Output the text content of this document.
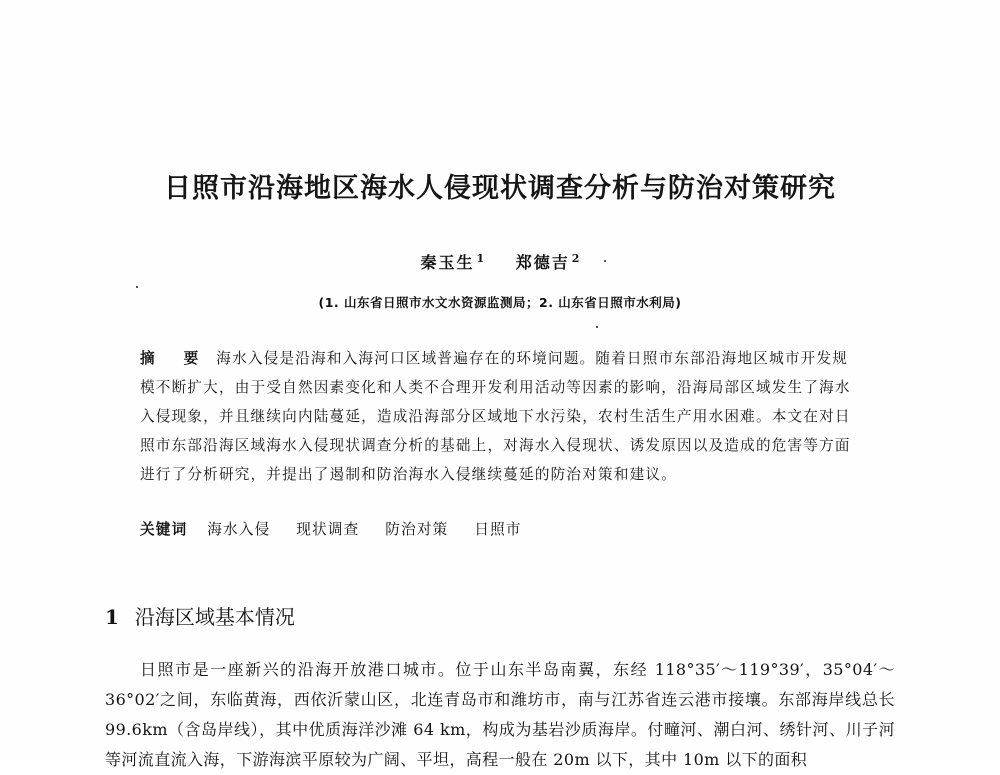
日照市沿海地区海水人侵现状调查分析与防治对策研究
秦玉生 $^1$ 郑德吉 $^2$
(1. 山东省日照市水文水资源监测局；2. 山东省日照市水利局)
摘 要 海水入侵是沿海和入海河口区域普遍存在的环境问题。随着日照市东部沿海地区城市开发规模不断扩大，由于受自然因素变化和人类不合理开发利用活动等因素的影响，沿海局部区域发生了海水入侵现象，并且继续向内陆蔓延，造成沿海部分区域地下水污染，农村生活生产用水困难。本文在对日照市东部沿海区域海水入侵现状调查分析的基础上，对海水入侵现状、诱发原因以及造成的危害等方面进行了分析研究，并提出了遏制和防治海水入侵继续蔓延的防治对策和建议。
关键词 海水入侵 现状调查 防治对策 日照市
1 沿海区域基本情况
日照市是一座新兴的沿海开放港口城市。位于山东半岛南翼，东经 118°35′～119°39′，35°04′～36°02′之间，东临黄海，西依沂蒙山区，北连青岛市和潍坊市，南与江苏省连云港市接壤。东部海岸线总长 99.6km（含岛岸线），其中优质海洋沙滩 64 km，构成为基岩沙质海岸。付疃河、潮白河、绣针河、川子河等河流直流入海，下游海滨平原较为广阔、平坦，高程一般在 20m 以下，其中 10m 以下的面积
